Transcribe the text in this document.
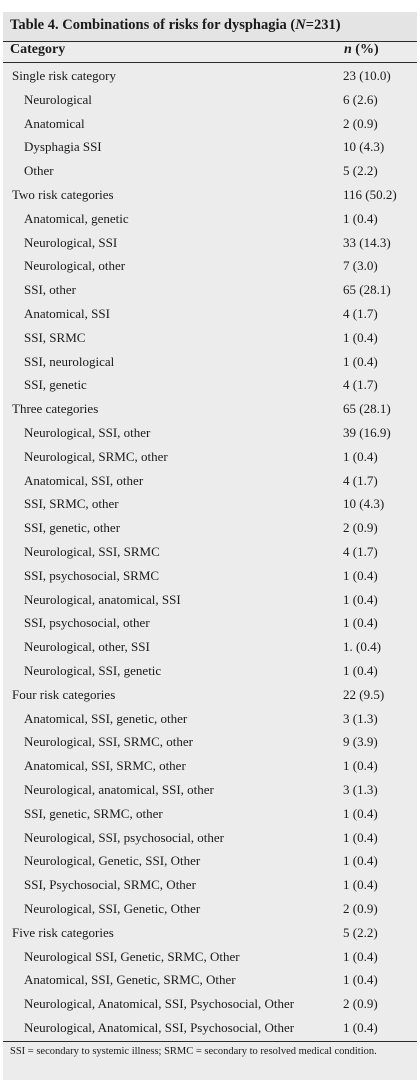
Table 4. Combinations of risks for dysphagia (N=231)
Category	n (%)
Single risk category	23 (10.0)
Neurological	6 (2.6)
Anatomical	2 (0.9)
Dysphagia SSI	10 (4.3)
Other	5 (2.2)
Two risk categories	116 (50.2)
Anatomical, genetic	1 (0.4)
Neurological, SSI	33 (14.3)
Neurological, other	7 (3.0)
SSI, other	65 (28.1)
Anatomical, SSI	4 (1.7)
SSI, SRMC	1 (0.4)
SSI, neurological	1 (0.4)
SSI, genetic	4 (1.7)
Three categories	65 (28.1)
Neurological, SSI, other	39 (16.9)
Neurological, SRMC, other	1 (0.4)
Anatomical, SSI, other	4 (1.7)
SSI, SRMC, other	10 (4.3)
SSI, genetic, other	2 (0.9)
Neurological, SSI, SRMC	4 (1.7)
SSI, psychosocial, SRMC	1 (0.4)
Neurological, anatomical, SSI	1 (0.4)
SSI, psychosocial, other	1 (0.4)
Neurological, other, SSI	1. (0.4)
Neurological, SSI, genetic	1 (0.4)
Four risk categories	22 (9.5)
Anatomical, SSI, genetic, other	3 (1.3)
Neurological, SSI, SRMC, other	9 (3.9)
Anatomical, SSI, SRMC, other	1 (0.4)
Neurological, anatomical, SSI, other	3 (1.3)
SSI, genetic, SRMC, other	1 (0.4)
Neurological, SSI, psychosocial, other	1 (0.4)
Neurological, Genetic, SSI, Other	1 (0.4)
SSI, Psychosocial, SRMC, Other	1 (0.4)
Neurological, SSI, Genetic, Other	2 (0.9)
Five risk categories	5 (2.2)
Neurological SSI, Genetic, SRMC, Other	1 (0.4)
Anatomical, SSI, Genetic, SRMC, Other	1 (0.4)
Neurological, Anatomical, SSI, Psychosocial, Other	2 (0.9)
Neurological, Anatomical, SSI, Psychosocial, Other	1 (0.4)
SSI = secondary to systemic illness; SRMC = secondary to resolved medical condition.
